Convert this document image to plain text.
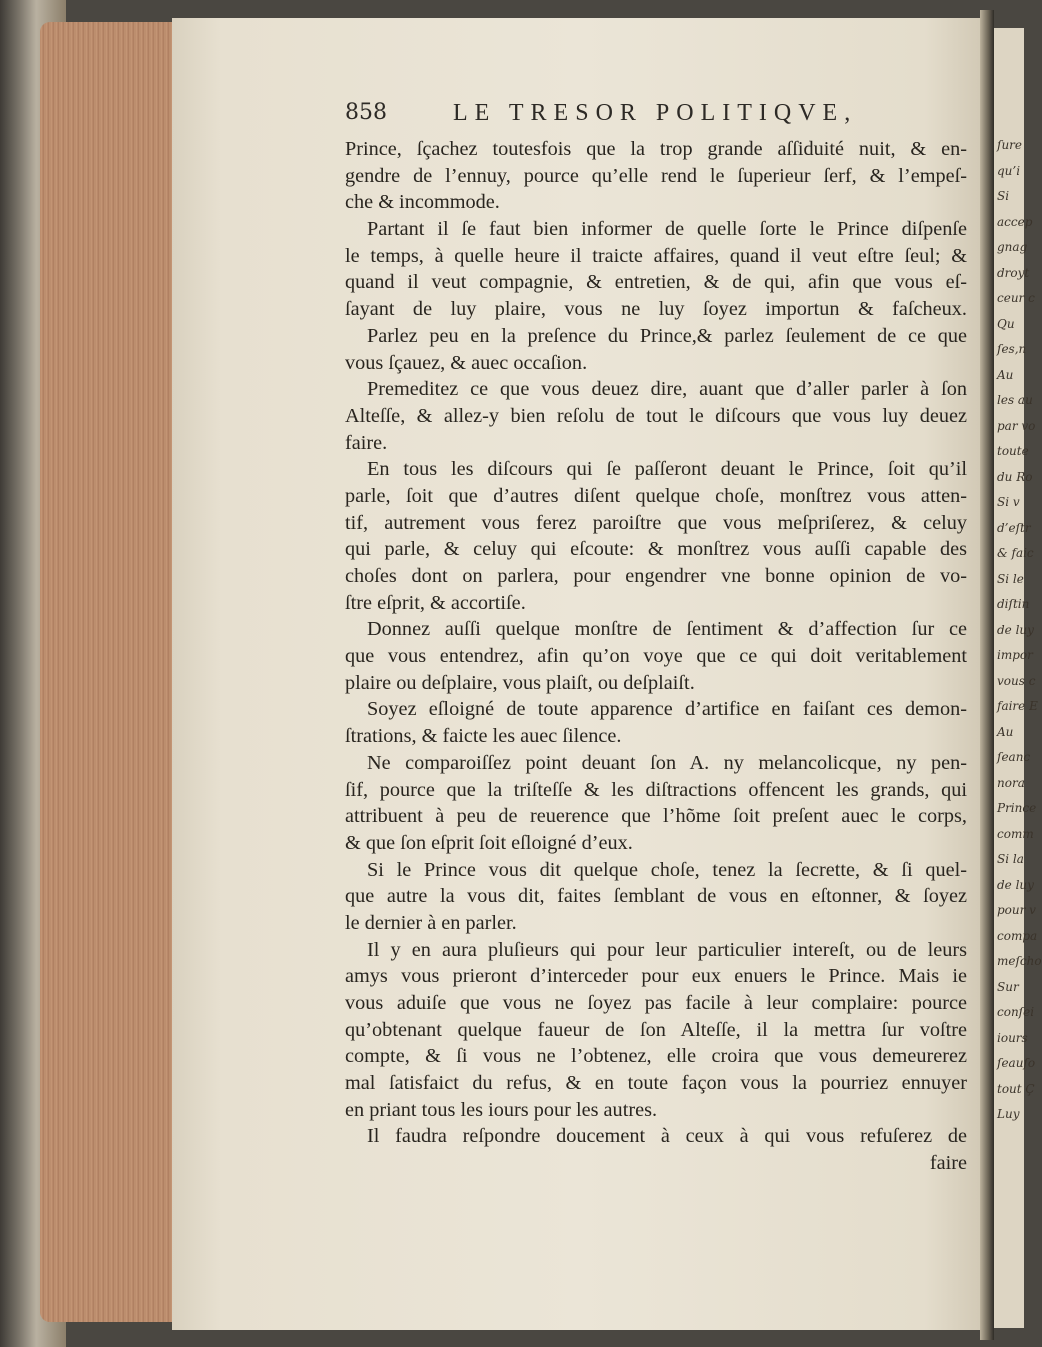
ſure
qu’i
Si
accep
gnag
droyt
ceur c
Qu
ſes,n
Au
les au
par vo
toute
du Ro
Si v
d’eſtr
& faic
Si le
diſtin
de luy
impor
vous c
faire E
Au
ſeanc
nora
Prince
comm
Si la
de luy
pour v
compa
meſcho
Sur
conſei
iours
ſeauſo
tout Ç
Luy
858	LE TRESOR POLITIQVE,
Prince, ſçachez toutesfois que la trop grande aſſiduité nuit, & en-
gendre de l’ennuy, pource qu’elle rend le ſuperieur ſerf, & l’empeſ-
che & incommode.
Partant il ſe faut bien informer de quelle ſorte le Prince diſpenſe
le temps, à quelle heure il traicte affaires, quand il veut eſtre ſeul; &
quand il veut compagnie, & entretien, & de qui, afin que vous eſ-
ſayant de luy plaire, vous ne luy ſoyez importun & faſcheux.
Parlez peu en la preſence du Prince,& parlez ſeulement de ce que
vous ſçauez, & auec occaſion.
Premeditez ce que vous deuez dire, auant que d’aller parler à ſon
Alteſſe, & allez-y bien reſolu de tout le diſcours que vous luy deuez
faire.
En tous les diſcours qui ſe paſſeront deuant le Prince, ſoit qu’il
parle, ſoit que d’autres diſent quelque choſe, monſtrez vous atten-
tif, autrement vous ferez paroiſtre que vous meſpriſerez, & celuy
qui parle, & celuy qui eſcoute: & monſtrez vous auſſi capable des
choſes dont on parlera, pour engendrer vne bonne opinion de vo-
ſtre eſprit, & accortiſe.
Donnez auſſi quelque monſtre de ſentiment & d’affection ſur ce
que vous entendrez, afin qu’on voye que ce qui doit veritablement
plaire ou deſplaire, vous plaiſt, ou deſplaiſt.
Soyez eſloigné de toute apparence d’artifice en faiſant ces demon-
ſtrations, & faicte les auec ſilence.
Ne comparoiſſez point deuant ſon A. ny melancolicque, ny pen-
ſif, pource que la triſteſſe & les diſtractions offencent les grands, qui
attribuent à peu de reuerence que l’hõme ſoit preſent auec le corps,
& que ſon eſprit ſoit eſloigné d’eux.
Si le Prince vous dit quelque choſe, tenez la ſecrette, & ſi quel-
que autre la vous dit, faites ſemblant de vous en eſtonner, & ſoyez
le dernier à en parler.
Il y en aura pluſieurs qui pour leur particulier intereſt, ou de leurs
amys vous prieront d’interceder pour eux enuers le Prince. Mais ie
vous aduiſe que vous ne ſoyez pas facile à leur complaire: pource
qu’obtenant quelque faueur de ſon Alteſſe, il la mettra ſur voſtre
compte, & ſi vous ne l’obtenez, elle croira que vous demeurerez
mal ſatisfaict du refus, & en toute façon vous la pourriez ennuyer
en priant tous les iours pour les autres.
Il faudra reſpondre doucement à ceux à qui vous refuſerez de
faire
